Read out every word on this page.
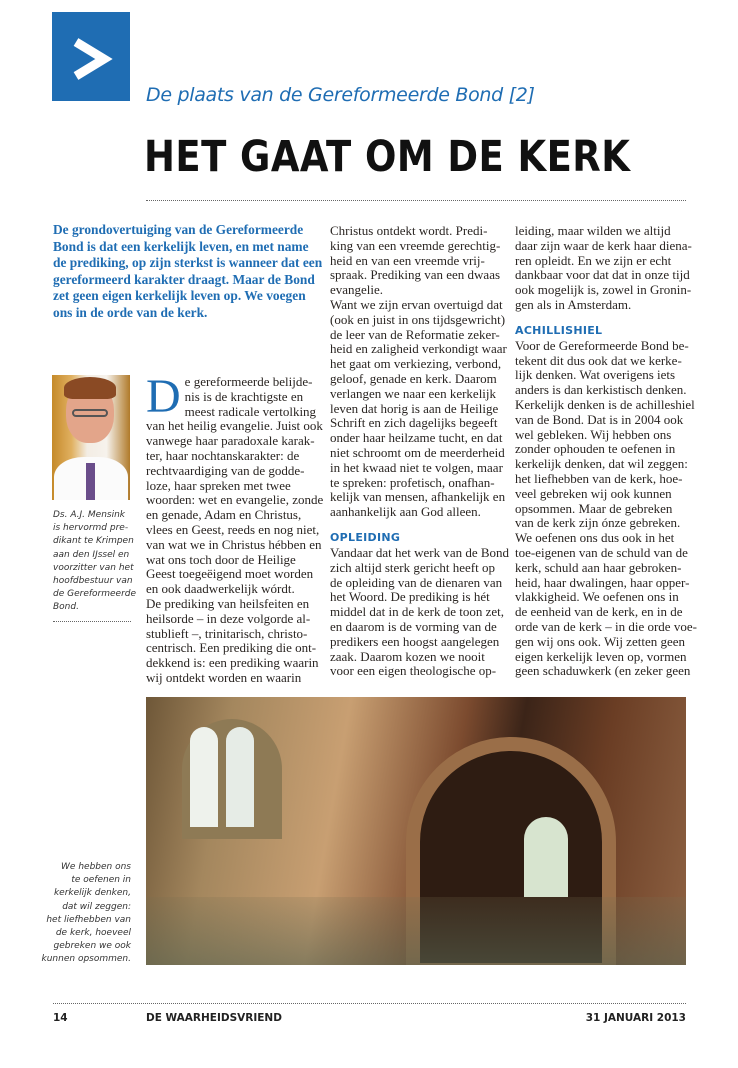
De plaats van de Gereformeerde Bond [2]
HET GAAT OM DE KERK
De grondovertuiging van de Gereformeerde
Bond is dat een kerkelijk leven, en met name
de prediking, op zijn sterkst is wanneer dat een
gereformeerd karakter draagt. Maar de Bond
zet geen eigen kerkelijk leven op. We voegen
ons in de orde van de kerk.
Ds. A.J. Mensink
is hervormd pre-
dikant te Krimpen
aan den IJssel en
voorzitter van het
hoofdbestuur van
de Gereformeerde
Bond.
D e gereformeerde belijde-
nis is de krachtigste en
meest radicale vertolking
van het heilig evangelie. Juist ook
vanwege haar paradoxale karak-
ter, haar nochtanskarakter: de
rechtvaardiging van de godde-
loze, haar spreken met twee
woorden: wet en evangelie, zonde
en genade, Adam en Christus,
vlees en Geest, reeds en nog niet,
van wat we in Christus hébben en
wat ons toch door de Heilige
Geest toegeëigend moet worden
en ook daadwerkelijk wórdt.
De prediking van heilsfeiten en
heilsorde – in deze volgorde al-
stublieft –, trinitarisch, christo-
centrisch. Een prediking die ont-
dekkend is: een prediking waarin
wij ontdekt worden en waarin
Christus ontdekt wordt. Predi-
king van een vreemde gerechtig-
heid en van een vreemde vrij-
spraak. Prediking van een dwaas
evangelie.
Want we zijn ervan overtuigd dat
(ook en juist in ons tijdsgewricht)
de leer van de Reformatie zeker-
heid en zaligheid verkondigt waar
het gaat om verkiezing, verbond,
geloof, genade en kerk. Daarom
verlangen we naar een kerkelijk
leven dat horig is aan de Heilige
Schrift en zich dagelijks begeeft
onder haar heilzame tucht, en dat
niet schroomt om de meerderheid
in het kwaad niet te volgen, maar
te spreken: profetisch, onafhan-
kelijk van mensen, afhankelijk en
aanhankelijk aan God alleen.
OPLEIDING
Vandaar dat het werk van de Bond
zich altijd sterk gericht heeft op
de opleiding van de dienaren van
het Woord. De prediking is hét
middel dat in de kerk de toon zet,
en daarom is de vorming van de
predikers een hoogst aangelegen
zaak. Daarom kozen we nooit
voor een eigen theologische op-
leiding, maar wilden we altijd
daar zijn waar de kerk haar diena-
ren opleidt. En we zijn er echt
dankbaar voor dat dat in onze tijd
ook mogelijk is, zowel in Gronin-
gen als in Amsterdam.
ACHILLISHIEL
Voor de Gereformeerde Bond be-
tekent dit dus ook dat we kerke-
lijk denken. Wat overigens iets
anders is dan kerkistisch denken.
Kerkelijk denken is de achilleshiel
van de Bond. Dat is in 2004 ook
wel gebleken. Wij hebben ons
zonder ophouden te oefenen in
kerkelijk denken, dat wil zeggen:
het liefhebben van de kerk, hoe-
veel gebreken wij ook kunnen
opsommen. Maar de gebreken
van de kerk zijn ónze gebreken.
We oefenen ons dus ook in het
toe-eigenen van de schuld van de
kerk, schuld aan haar gebroken-
heid, haar dwalingen, haar opper-
vlakkigheid. We oefenen ons in
de eenheid van de kerk, en in de
orde van de kerk – in die orde voe-
gen wij ons ook. Wij zetten geen
eigen kerkelijk leven op, vormen
geen schaduwkerk (en zeker geen
We hebben ons
te oefenen in
kerkelijk denken,
dat wil zeggen:
het liefhebben van
de kerk, hoeveel
gebreken we ook
kunnen opsommen.
14	DE WAARHEIDSVRIEND	31 JANUARI 2013
